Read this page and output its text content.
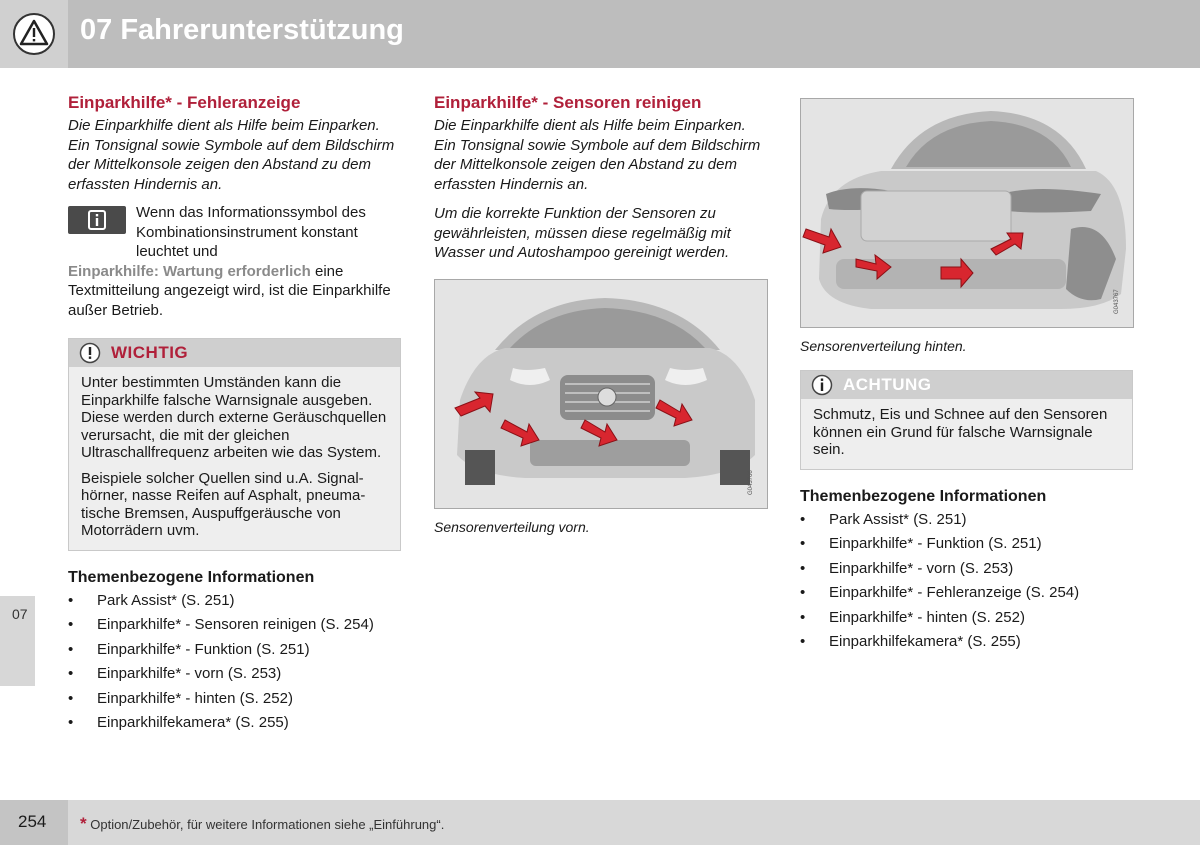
07 Fahrerunterstützung
07
Einparkhilfe* - Fehleranzeige

Die Einparkhilfe dient als Hilfe beim Einparken. Ein Tonsignal sowie Symbole auf dem Bildschirm der Mittelkonsole zeigen den Abstand zu dem erfassten Hindernis an.

Wenn das Informationssymbol des Kombinationsinstrument konstant leuchtet und
Einparkhilfe: Wartung erforderlich eine Textmitteilung angezeigt wird, ist die Einparkhilfe außer Betrieb.
WICHTIG

Unter bestimmten Umständen kann die Einparkhilfe falsche Warnsignale ausgeben. Diese werden durch externe Geräuschquellen verursacht, die mit der gleichen Ultraschallfrequenz arbeiten wie das System.

Beispiele solcher Quellen sind u.A. Signalhörner, nasse Reifen auf Asphalt, pneumatische Bremsen, Auspuffgeräusche von Motorrädern uvm.

Themenbezogene Informationen

• Park Assist* (S. 251)
• Einparkhilfe* - Sensoren reinigen (S. 254)
• Einparkhilfe* - Funktion (S. 251)
• Einparkhilfe* - vorn (S. 253)
• Einparkhilfe* - hinten (S. 252)
• Einparkhilfekamera* (S. 255)
Einparkhilfe* - Sensoren reinigen

Die Einparkhilfe dient als Hilfe beim Einparken. Ein Tonsignal sowie Symbole auf dem Bildschirm der Mittelkonsole zeigen den Abstand zu dem erfassten Hindernis an.

Um die korrekte Funktion der Sensoren zu gewährleisten, müssen diese regelmäßig mit Wasser und Autoshampoo gereinigt werden.

G043766

Sensorenverteilung vorn.

G043767

Sensorenverteilung hinten.

ACHTUNG

Schmutz, Eis und Schnee auf den Sensoren können ein Grund für falsche Warnsignale sein.

Themenbezogene Informationen

• Park Assist* (S. 251)
• Einparkhilfe* - Funktion (S. 251)
• Einparkhilfe* - vorn (S. 253)
• Einparkhilfe* - Fehleranzeige (S. 254)
• Einparkhilfe* - hinten (S. 252)
• Einparkhilfekamera* (S. 255)
254 * Option/Zubehör, für weitere Informationen siehe „Einführung“.
